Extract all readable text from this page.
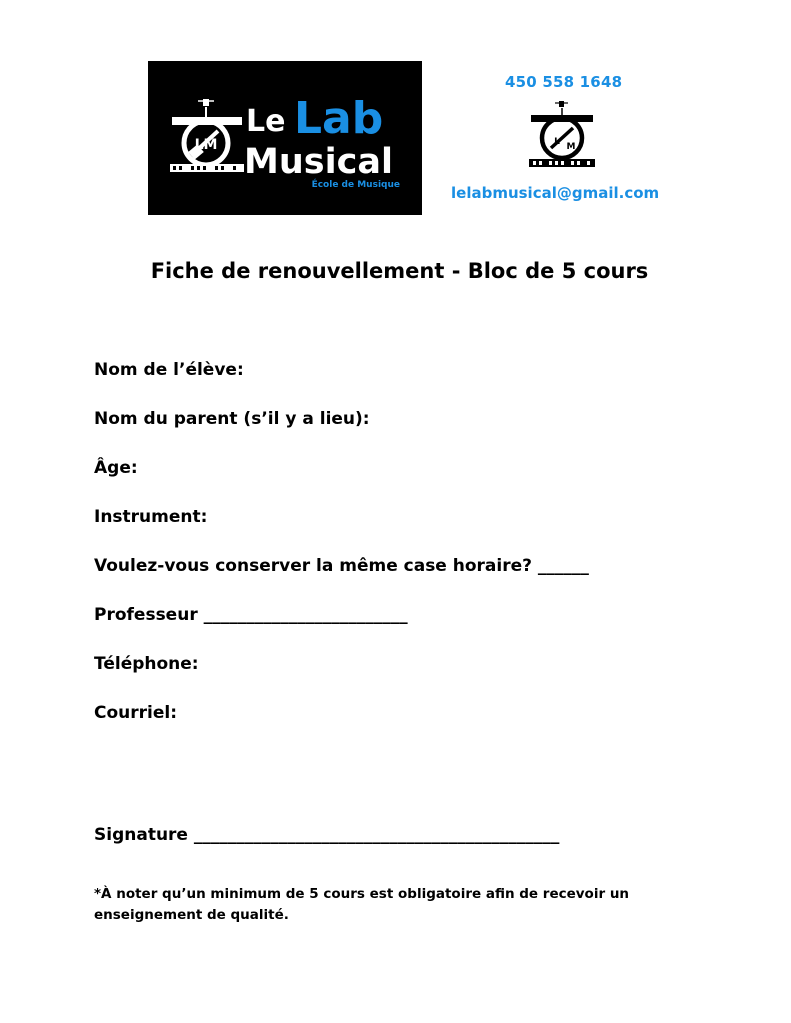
LM
Le Lab
Musical
École de Musique
450 558 1648
L M
lelabmusical@gmail.com
Fiche de renouvellement - Bloc de 5 cours
Nom de l’élève:
Nom du parent (s’il y a lieu):
Âge:
Instrument:
Voulez-vous conserver la même case horaire? ______
Professeur ________________________
Téléphone:
Courriel:
Signature ___________________________________________
*À noter qu’un minimum de 5 cours est obligatoire afin de recevoir un enseignement de qualité.
